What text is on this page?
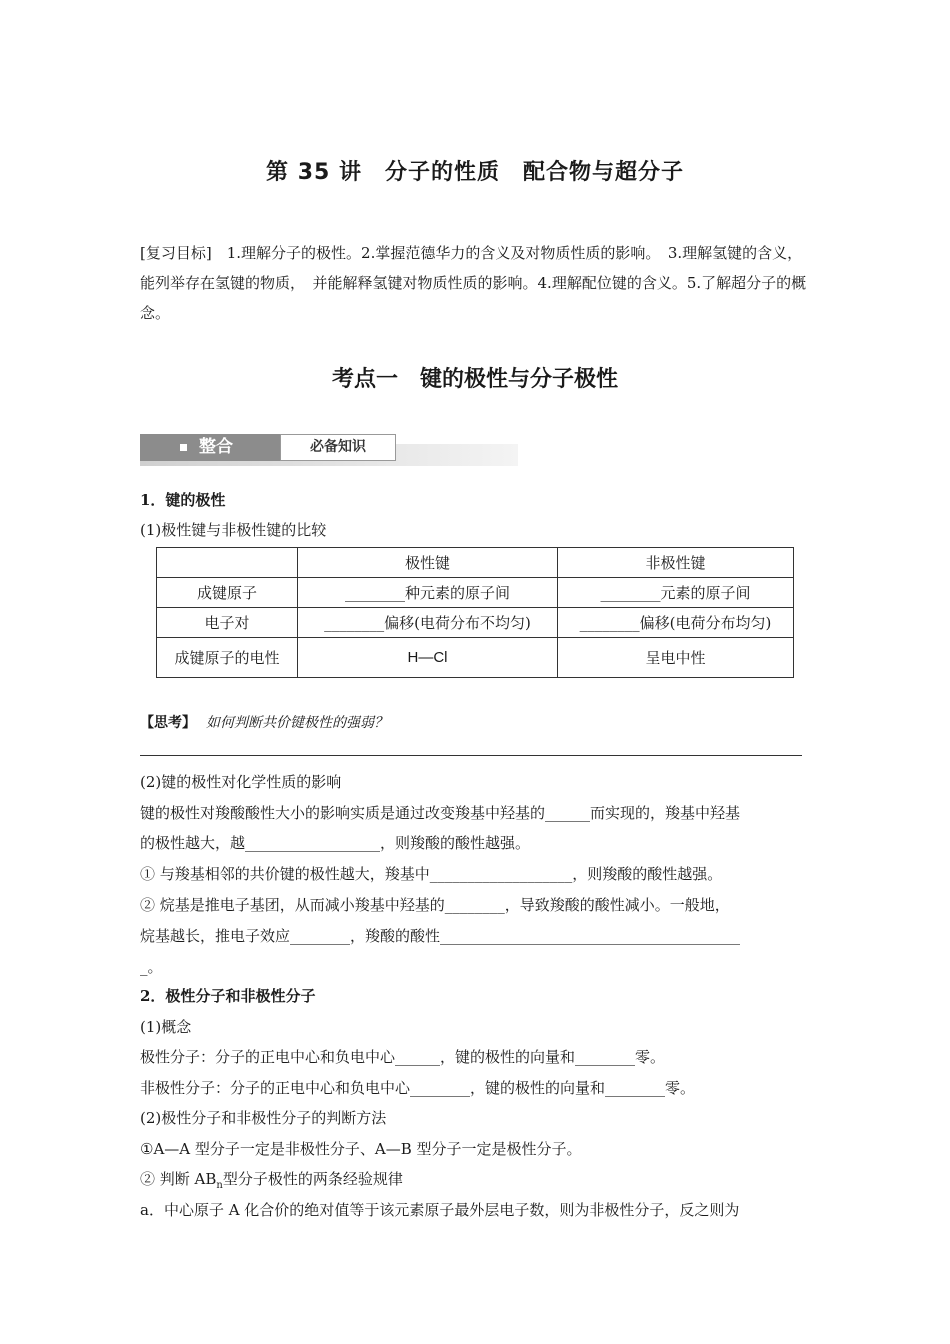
第 35 讲　分子的性质　配合物与超分子
[复习目标]　1.理解分子的极性。2.掌握范德华力的含义及对物质性质的影响。　3.理解氢键的含义，　能列举存在氢键的物质，　并能解释氢键对物质性质的影响。4.理解配位键的含义。5.了解超分子的概念。
考点一　键的极性与分子极性
整合	必备知识
1．键的极性
(1)极性键与非极性键的比较
	极性键	非极性键
成键原子	________种元素的原子间	________元素的原子间
电子对	________偏移(电荷分布不均匀)	________偏移(电荷分布均匀)
成键原子的电性	H—Cl	呈电中性
【思考】 如何判断共价键极性的强弱？
(2)键的极性对化学性质的影响
键的极性对羧酸酸性大小的影响实质是通过改变羧基中羟基的______而实现的，羧基中羟基
的极性越大，越__________________，则羧酸的酸性越强。
① 与羧基相邻的共价键的极性越大，羧基中___________________，则羧酸的酸性越强。
② 烷基是推电子基团，从而减小羧基中羟基的________，导致羧酸的酸性减小。一般地，
烷基越长，推电子效应________，羧酸的酸性________________________________________
_。
2．极性分子和非极性分子
(1)概念
极性分子：分子的正电中心和负电中心______，键的极性的向量和________零。
非极性分子：分子的正电中心和负电中心________，键的极性的向量和________零。
(2)极性分子和非极性分子的判断方法
①A—A 型分子一定是非极性分子、A—B 型分子一定是极性分子。
② 判断 $AB_n$型分子极性的两条经验规律
a．中心原子 A 化合价的绝对值等于该元素原子最外层电子数，则为非极性分子，反之则为
